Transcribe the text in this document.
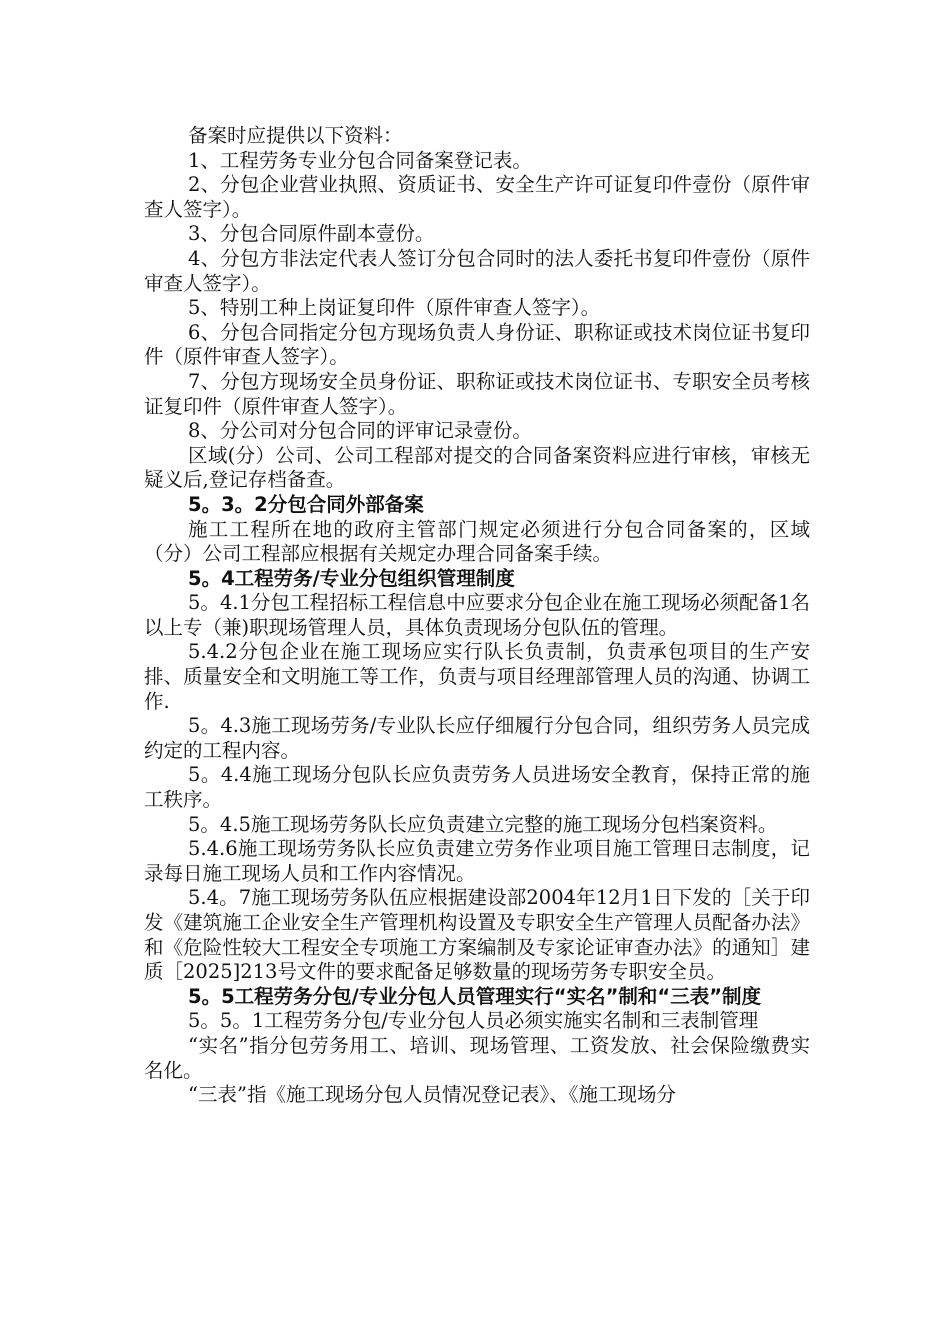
备案时应提供以下资料：

1、工程劳务专业分包合同备案登记表。

2、分包企业营业执照、资质证书、安全生产许可证复印件壹份（原件审查人签字）。

3、分包合同原件副本壹份。

4、分包方非法定代表人签订分包合同时的法人委托书复印件壹份（原件审查人签字）。

5、特别工种上岗证复印件（原件审查人签字）。

6、分包合同指定分包方现场负责人身份证、职称证或技术岗位证书复印件（原件审查人签字）。

7、分包方现场安全员身份证、职称证或技术岗位证书、专职安全员考核证复印件（原件审查人签字）。

8、分公司对分包合同的评审记录壹份。

区域(分）公司、公司工程部对提交的合同备案资料应进行审核，审核无疑义后,登记存档备查。

5。3。2分包合同外部备案

施工工程所在地的政府主管部门规定必须进行分包合同备案的，区域（分）公司工程部应根据有关规定办理合同备案手续。

5。4工程劳务/专业分包组织管理制度

5。4.1分包工程招标工程信息中应要求分包企业在施工现场必须配备1名以上专（兼)职现场管理人员，具体负责现场分包队伍的管理。

5.4.2分包企业在施工现场应实行队长负责制，负责承包项目的生产安排、质量安全和文明施工等工作，负责与项目经理部管理人员的沟通、协调工作.

5。4.3施工现场劳务/专业队长应仔细履行分包合同，组织劳务人员完成约定的工程内容。

5。4.4施工现场分包队长应负责劳务人员进场安全教育，保持正常的施工秩序。

5。4.5施工现场劳务队长应负责建立完整的施工现场分包档案资料。

5.4.6施工现场劳务队长应负责建立劳务作业项目施工管理日志制度，记录每日施工现场人员和工作内容情况。

5.4。7施工现场劳务队伍应根据建设部2004年12月1日下发的［关于印发《建筑施工企业安全生产管理机构设置及专职安全生产管理人员配备办法》和《危险性较大工程安全专项施工方案编制及专家论证审查办法》的通知］建质［2025]213号文件的要求配备足够数量的现场劳务专职安全员。

5。5工程劳务分包/专业分包人员管理实行“实名”制和“三表”制度

5。5。1工程劳务分包/专业分包人员必须实施实名制和三表制管理

“实名”指分包劳务用工、培训、现场管理、工资发放、社会保险缴费实名化。

“三表”指《施工现场分包人员情况登记表》、《施工现场分
